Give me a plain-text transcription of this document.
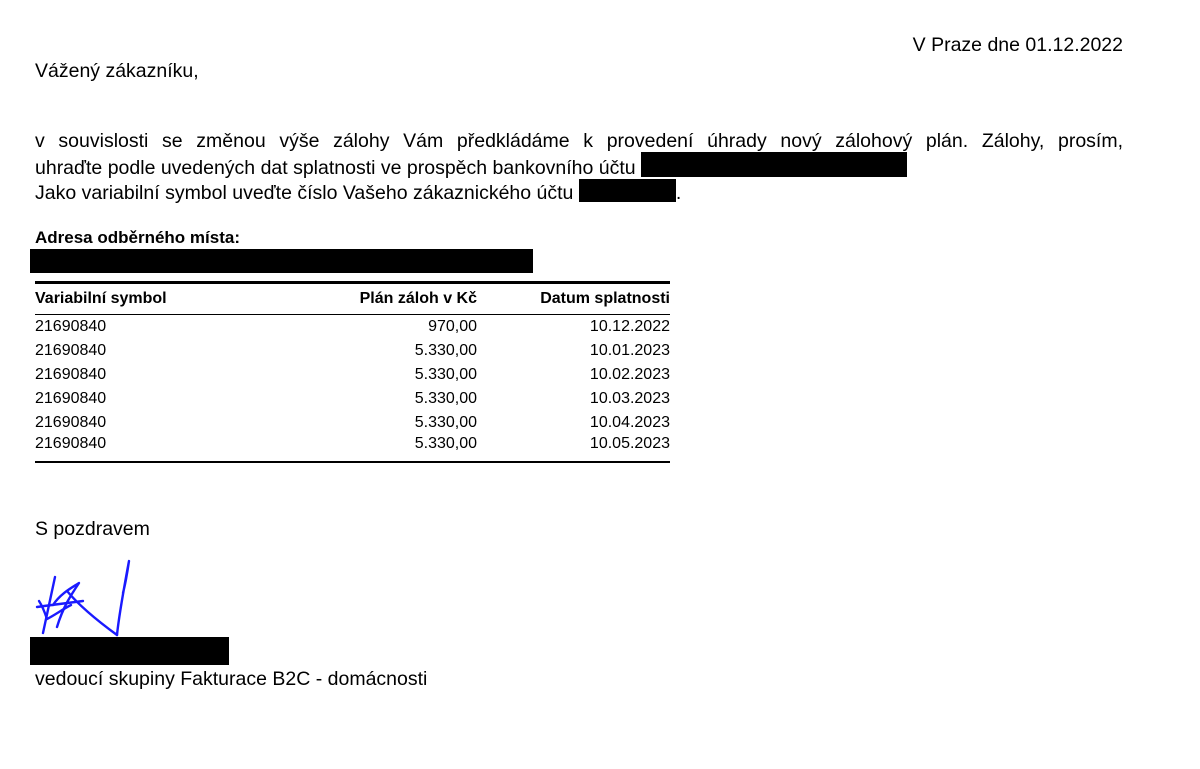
V Praze dne 01.12.2022
Vážený zákazníku,
v souvislosti se změnou výše zálohy Vám předkládáme k provedení úhrady nový zálohový plán. Zálohy, prosím,
uhraďte podle uvedených dat splatnosti ve prospěch bankovního účtu
Jako variabilní symbol uveďte číslo Vašeho zákaznického účtu	.
Adresa odběrného místa:
Variabilní symbol	Plán záloh v Kč	Datum splatnosti
21690840	970,00	10.12.2022
21690840	5.330,00	10.01.2023
21690840	5.330,00	10.02.2023
21690840	5.330,00	10.03.2023
21690840	5.330,00	10.04.2023
21690840	5.330,00	10.05.2023
S pozdravem
vedoucí skupiny Fakturace B2C - domácnosti
